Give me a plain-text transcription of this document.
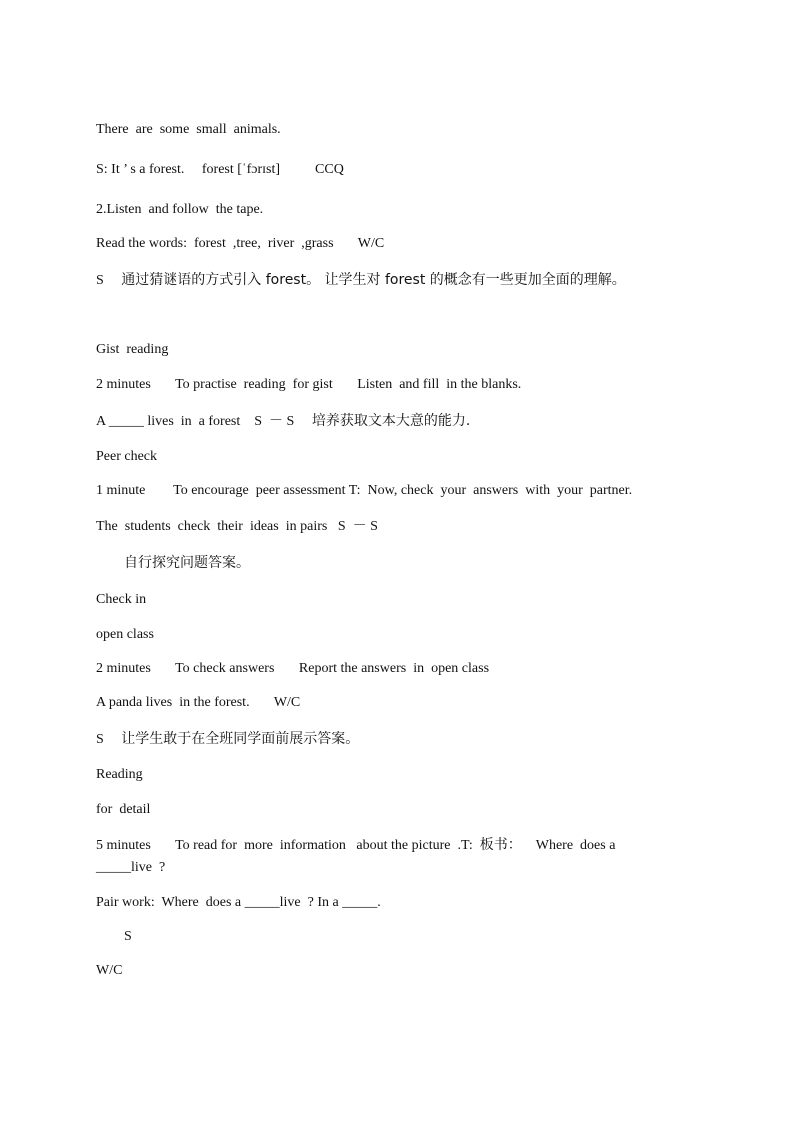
There  are  some  small  animals.
S: It ’ s a forest.     forest [ˈfɔrɪst]          CCQ
2.Listen  and follow  the tape.
Read the words:  forest  ,tree,  river  ,grass       W/C
S     通过猜谜语的方式引入 forest。 让学生对 forest 的概念有一些更加全面的理解。
Gist  reading
2 minutes       To practise  reading  for gist       Listen  and fill  in the blanks.
A _____ lives  in  a forest    S  － S     培养获取文本大意的能力.
Peer check
1 minute        To encourage  peer assessment T:  Now, check  your  answers  with  your  partner.
The  students  check  their  ideas  in pairs   S  － S
自行探究问题答案。
Check in
open class
2 minutes       To check answers       Report the answers  in  open class
A panda lives  in the forest.       W/C
S     让学生敢于在全班同学面前展示答案。
Reading
for  detail
5 minutes       To read for  more  information   about the picture  .T:  板书：    Where  does a
_____live  ?
Pair work:  Where  does a _____live  ? In a _____.
S
W/C
